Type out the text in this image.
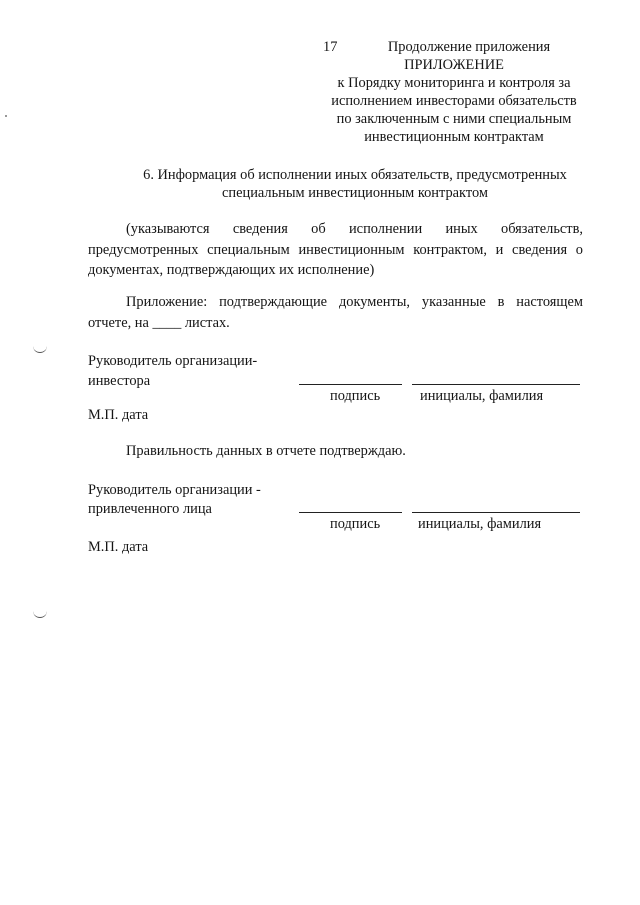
17	Продолжение приложения
ПРИЛОЖЕНИЕ
к Порядку мониторинга и контроля за
исполнением инвесторами обязательств
по заключенным с ними специальным
инвестиционным контрактам
6. Информация об исполнении иных обязательств, предусмотренных
специальным инвестиционным контрактом
(указываются сведения об исполнении иных обязательств, предусмотренных специальным инвестиционным контрактом, и сведения о документах, подтверждающих их исполнение)
Приложение: подтверждающие документы, указанные в настоящем отчете, на ____ листах.
Руководитель организации-
инвестора
подпись	инициалы, фамилия
М.П. дата
Правильность данных в отчете подтверждаю.
Руководитель организации -
привлеченного лица
подпись	инициалы, фамилия
М.П. дата
